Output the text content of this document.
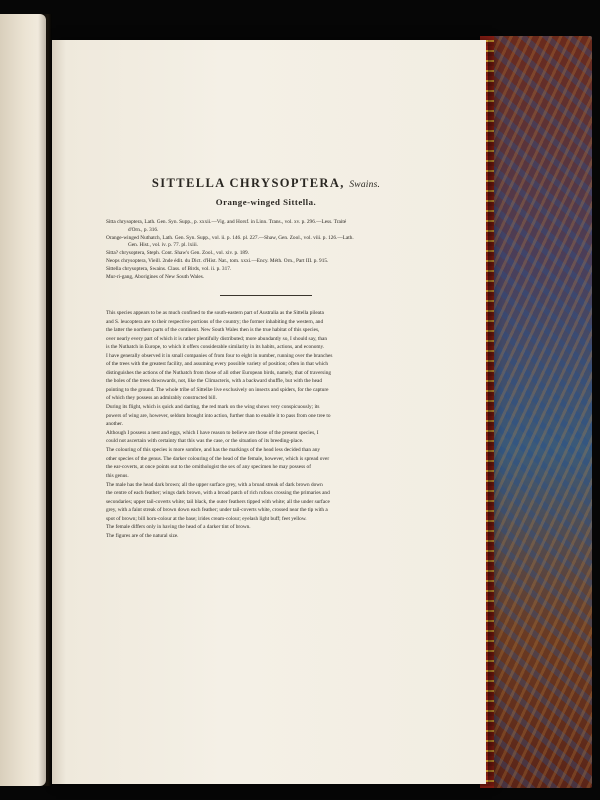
SITTELLA CHRYSOPTERA, Swains.
Orange-winged Sittella.
Sitta chrysoptera, Lath. Gen. Syn. Supp., p. xxxii.—Vig. and Horsf. in Linn. Trans., vol. xv. p. 296.—Less. Traité
d'Orn., p. 316.
Orange-winged Nuthatch, Lath. Gen. Syn. Supp., vol. ii. p. 146. pl. 227.—Shaw, Gen. Zool., vol. viii. p. 126.—Lath.
Gen. Hist., vol. iv. p. 77. pl. lxiii.
Sitta? chrysoptera, Steph. Cont. Shaw's Gen. Zool., vol. xiv. p. 189.
Neops chrysoptera, Vieill. 2nde édit. du Dict. d'Hist. Nat., tom. xxxi.—Ency. Méth. Orn., Part III. p. 915.
Sittella chrysoptera, Swains. Class. of Birds, vol. ii. p. 317.
Mur-ri-gang, Aborigines of New South Wales.

This species appears to be as much confined to the south-eastern part of Australia as the Sittella pileata
and S. leucoptera are to their respective portions of the country; the former inhabiting the western, and
the latter the northern parts of the continent. New South Wales then is the true habitat of this species,
over nearly every part of which it is rather plentifully distributed; more abundantly so, I should say, than
is the Nuthatch in Europe, to which it offers considerable similarity in its habits, actions, and economy.
I have generally observed it in small companies of from four to eight in number, running over the branches
of the trees with the greatest facility, and assuming every possible variety of position; often in that which
distinguishes the actions of the Nuthatch from those of all other European birds, namely, that of traversing
the boles of the trees downwards, not, like the Climacteris, with a backward shuffle, but with the head
pointing to the ground. The whole tribe of Sittellæ live exclusively on insects and spiders, for the capture
of which they possess an admirably constructed bill.

During its flight, which is quick and darting, the red mark on the wing shows very conspicuously; its
powers of wing are, however, seldom brought into action, further than to enable it to pass from one tree to
another.

Although I possess a nest and eggs, which I have reason to believe are those of the present species, I
could not ascertain with certainty that this was the case, or the situation of its breeding-place.

The colouring of this species is more sombre, and has the markings of the head less decided than any
other species of the genus. The darker colouring of the head of the female, however, which is spread over
the ear-coverts, at once points out to the ornithologist the sex of any specimen he may possess of
this genus.

The male has the head dark brown; all the upper surface grey, with a broad streak of dark brown down
the centre of each feather; wings dark brown, with a broad patch of rich rufous crossing the primaries and
secondaries; upper tail-coverts white; tail black, the outer feathers tipped with white; all the under surface
grey, with a faint streak of brown down each feather; under tail-coverts white, crossed near the tip with a
spot of brown; bill horn-colour at the base; irides cream-colour; eyelash light buff; feet yellow.

The female differs only in having the head of a darker tint of brown.

The figures are of the natural size.
